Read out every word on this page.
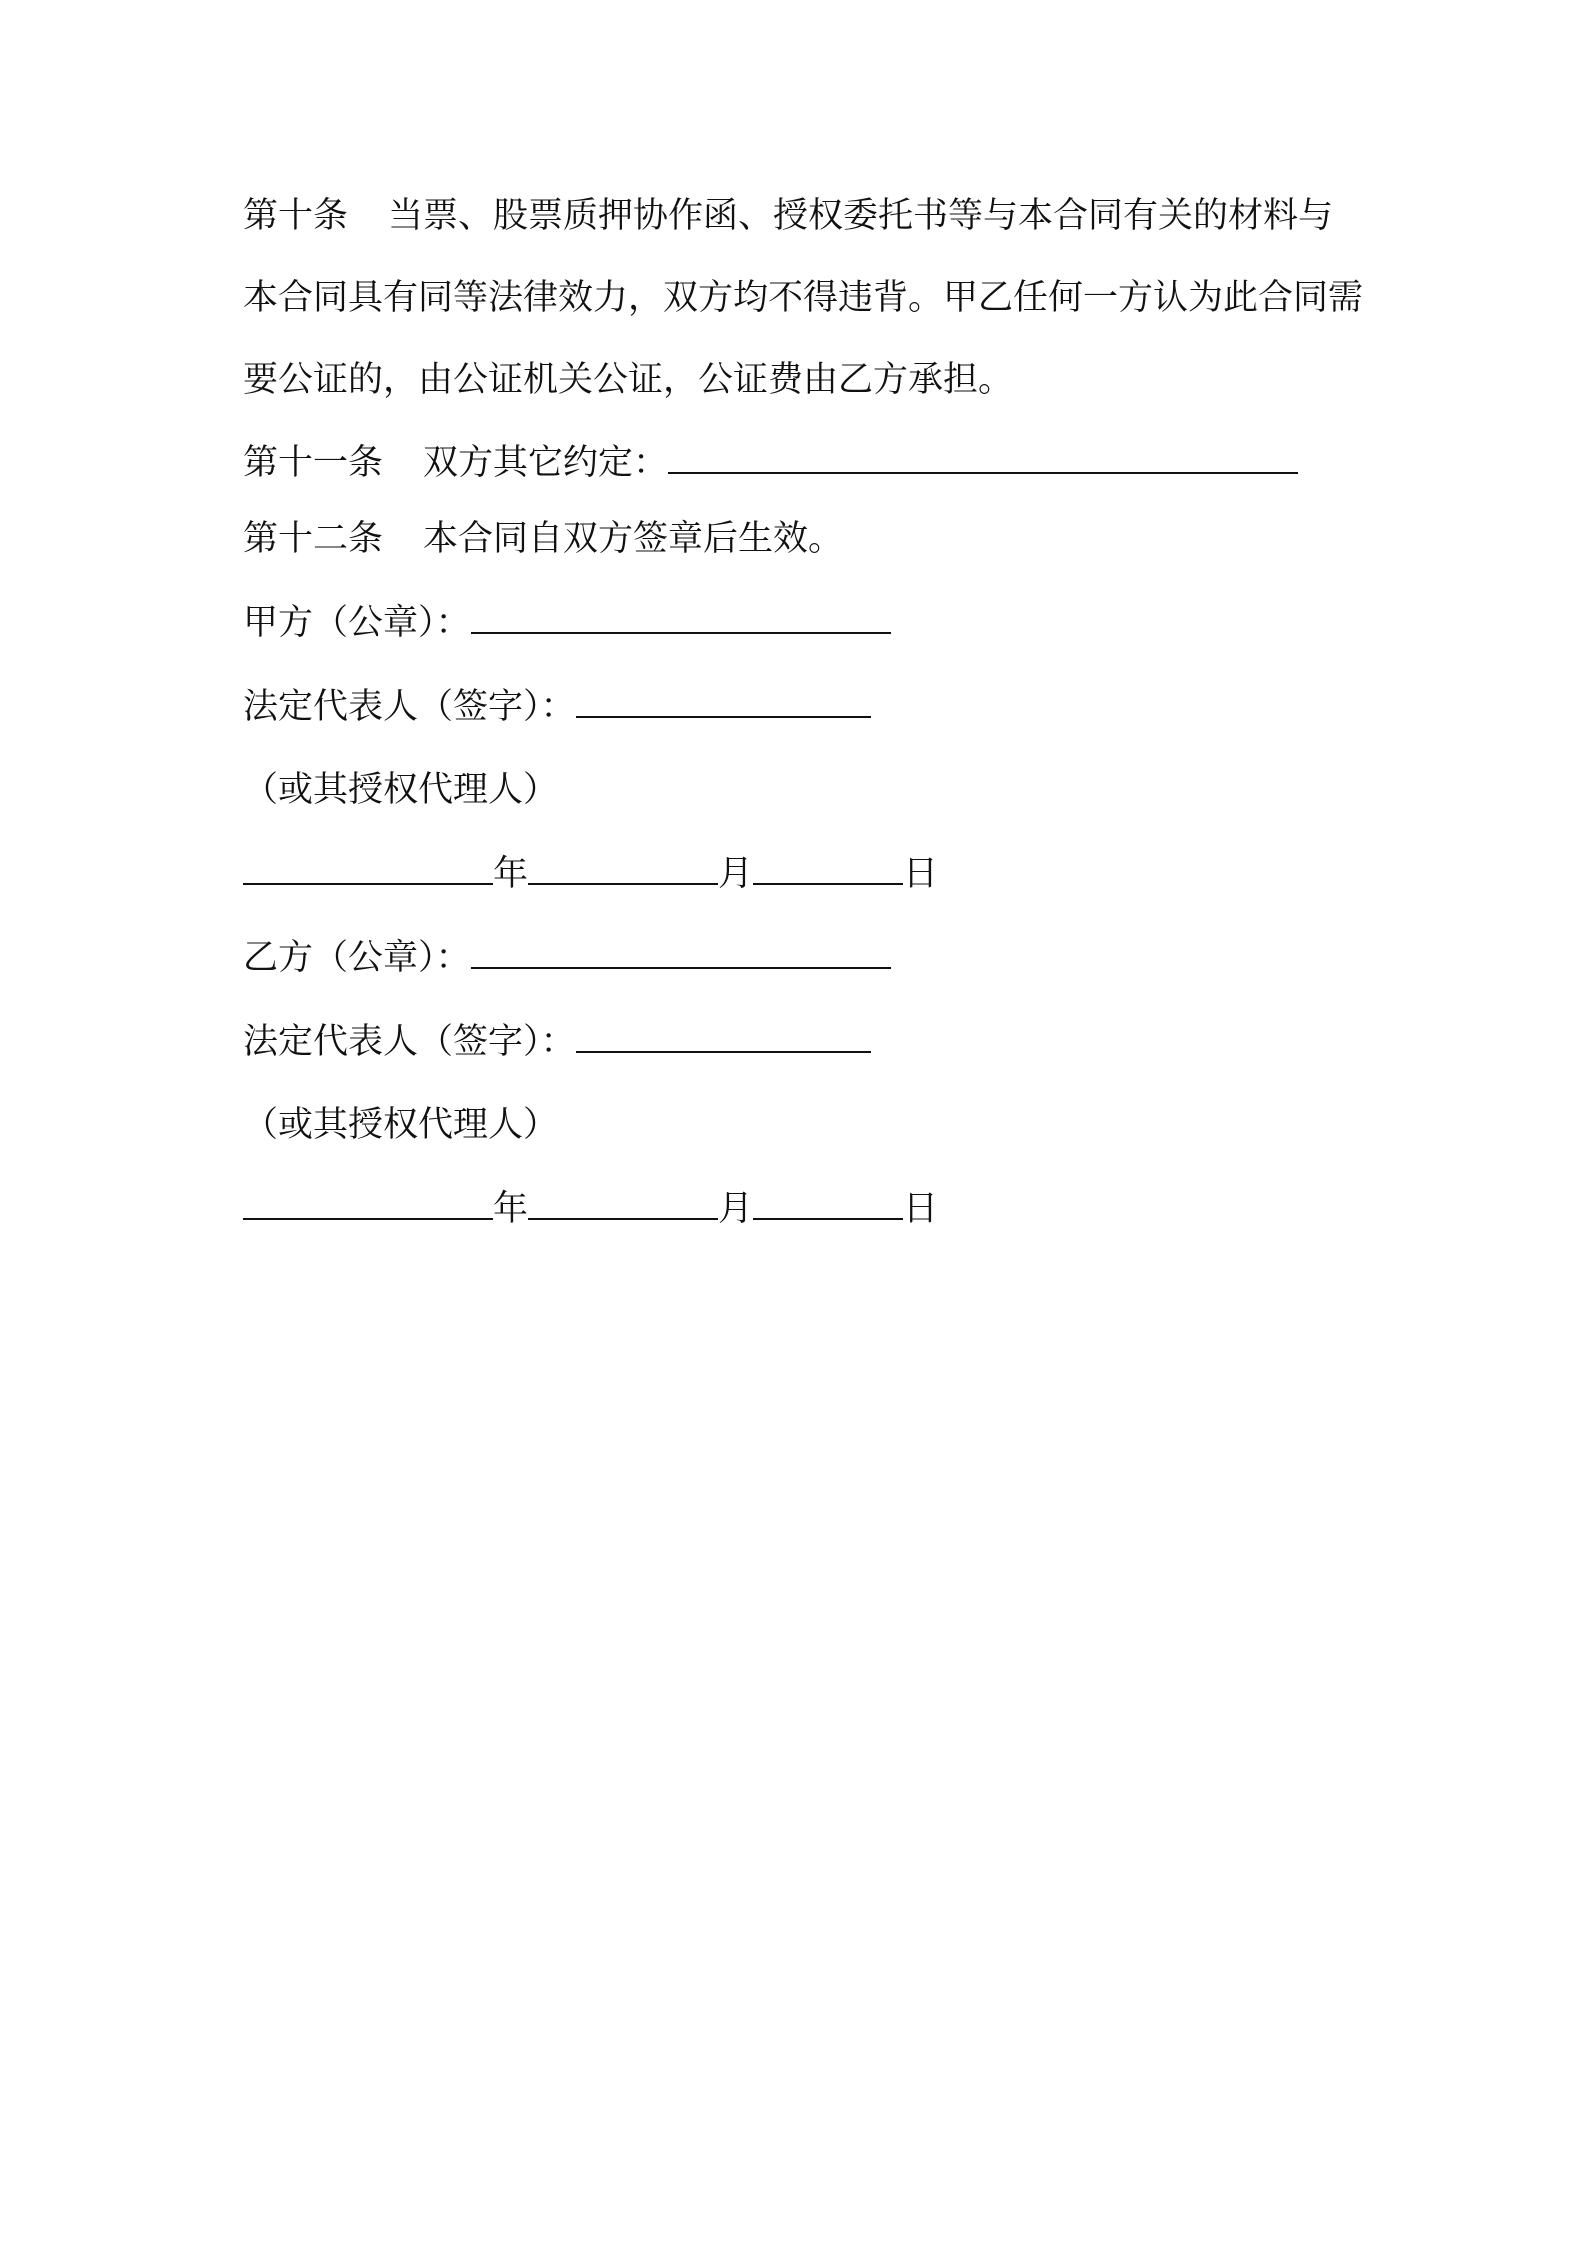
第十条 当票、股票质押协作函、授权委托书等与本合同有关的材料与本合同具有同等法律效力，双方均不得违背。甲乙任何一方认为此合同需要公证的，由公证机关公证，公证费由乙方承担。
第十一条 双方其它约定：
第十二条 本合同自双方签章后生效。
甲方（公章）：
法定代表人（签字）：
（或其授权代理人）
年	月	日
乙方（公章）：
法定代表人（签字）：
（或其授权代理人）
年	月	日
